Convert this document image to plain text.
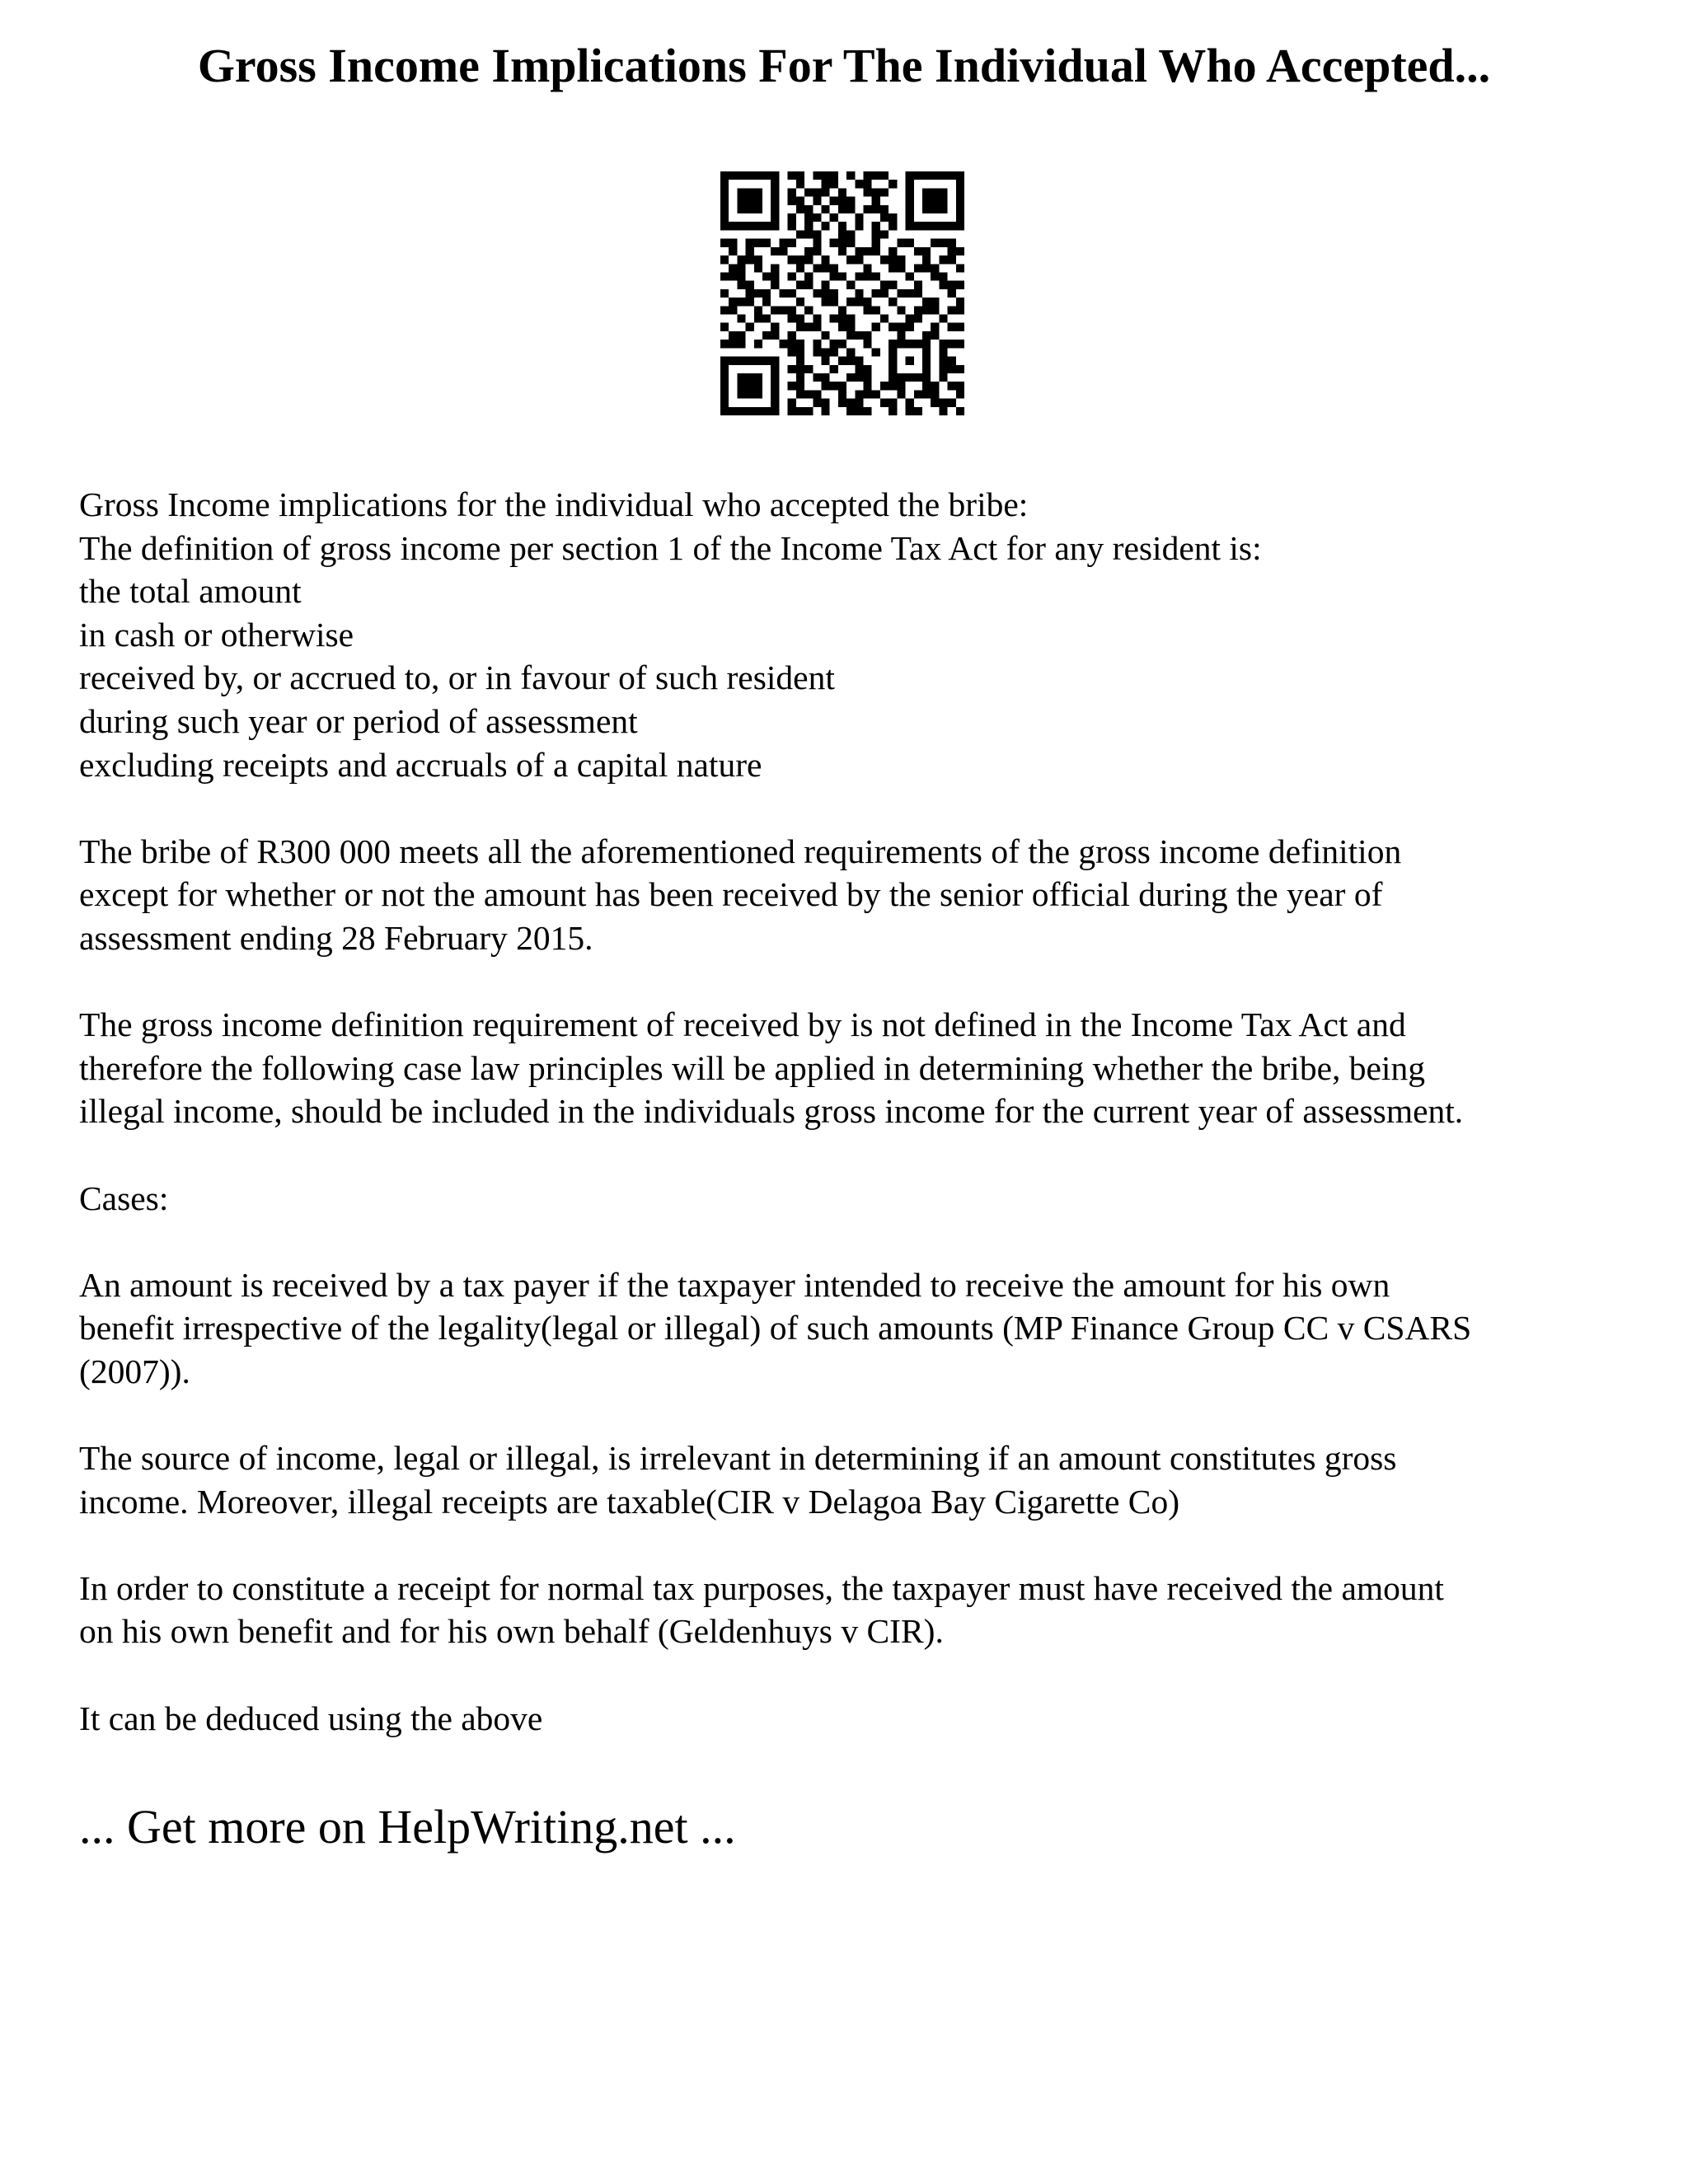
Gross Income Implications For The Individual Who Accepted...

Gross Income implications for the individual who accepted the bribe:
The definition of gross income per section 1 of the Income Tax Act for any resident is:
the total amount
in cash or otherwise
received by, or accrued to, or in favour of such resident
during such year or period of assessment
excluding receipts and accruals of a capital nature

The bribe of R300 000 meets all the aforementioned requirements of the gross income definition
except for whether or not the amount has been received by the senior official during the year of
assessment ending 28 February 2015.

The gross income definition requirement of received by is not defined in the Income Tax Act and
therefore the following case law principles will be applied in determining whether the bribe, being
illegal income, should be included in the individuals gross income for the current year of assessment.

Cases:

An amount is received by a tax payer if the taxpayer intended to receive the amount for his own
benefit irrespective of the legality(legal or illegal) of such amounts (MP Finance Group CC v CSARS
(2007)).

The source of income, legal or illegal, is irrelevant in determining if an amount constitutes gross
income. Moreover, illegal receipts are taxable(CIR v Delagoa Bay Cigarette Co)

In order to constitute a receipt for normal tax purposes, the taxpayer must have received the amount
on his own benefit and for his own behalf (Geldenhuys v CIR).

It can be deduced using the above

... Get more on HelpWriting.net ...
